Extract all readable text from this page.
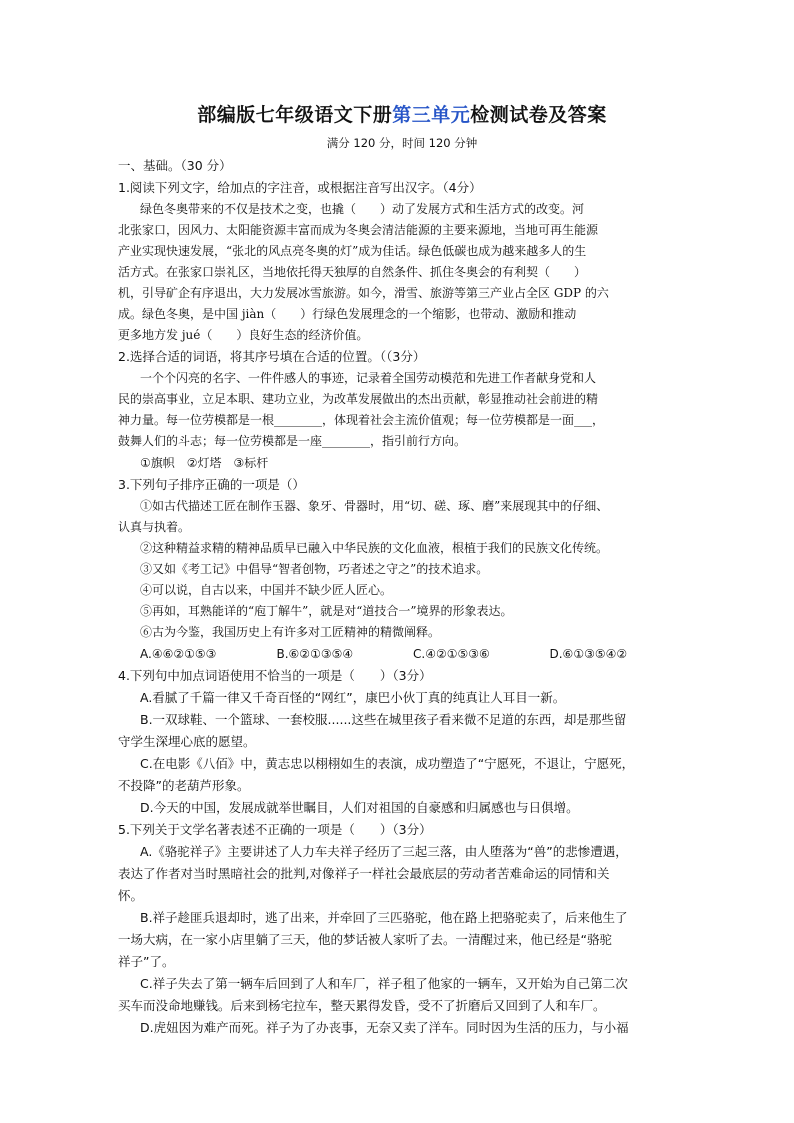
部编版七年级语文下册第三单元检测试卷及答案
满分 120 分，时间 120 分钟
一、基础。（30 分）
1.阅读下列文字，给加点的字注音，或根据注音写出汉字。（4分）
绿色冬奥带来的不仅是技术之变，也撬（　　）动了发展方式和生活方式的改变。河
北张家口，因风力、太阳能资源丰富而成为冬奥会清洁能源的主要来源地，当地可再生能源
产业实现快速发展，“张北的风点亮冬奥的灯”成为佳话。绿色低碳也成为越来越多人的生
活方式。在张家口崇礼区，当地依托得天独厚的自然条件、抓住冬奥会的有利契（　　）
机，引导矿企有序退出，大力发展冰雪旅游。如今，滑雪、旅游等第三产业占全区 GDP 的六
成。绿色冬奥，是中国 jiàn（　　）行绿色发展理念的一个缩影，也带动、激励和推动
更多地方发 jué（　　）良好生态的经济价值。
2.选择合适的词语，将其序号填在合适的位置。（（3分）
一个个闪亮的名字、一件件感人的事迹，记录着全国劳动模范和先进工作者献身党和人
民的崇高事业，立足本职、建功立业，为改革发展做出的杰出贡献，彰显推动社会前进的精
神力量。每一位劳模都是一根________，体现着社会主流价值观；每一位劳模都是一面___，
鼓舞人们的斗志；每一位劳模都是一座________，指引前行方向。
①旗帜　②灯塔　③标杆
3.下列句子排序正确的一项是（）
①如古代描述工匠在制作玉器、象牙、骨器时，用“切、磋、琢、磨”来展现其中的仔细、
认真与执着。
②这种精益求精的精神品质早已融入中华民族的文化血液，根植于我们的民族文化传统。
③又如《考工记》中倡导“智者创物，巧者述之守之”的技术追求。
④可以说，自古以来，中国并不缺少匠人匠心。
⑤再如，耳熟能详的“庖丁解牛”，就是对“道技合一”境界的形象表达。
⑥古为今鉴，我国历史上有许多对工匠精神的精微阐释。
A.④⑥②①⑤③	B.⑥②①③⑤④	C.④②①⑤③⑥	D.⑥①③⑤④②
4.下列句中加点词语使用不恰当的一项是（　　）（3分）
A.看腻了千篇一律又千奇百怪的“网红”，康巴小伙丁真的纯真让人耳目一新。
B.一双球鞋、一个篮球、一套校服......这些在城里孩子看来微不足道的东西，却是那些留
守学生深埋心底的愿望。
C.在电影《八佰》中，黄志忠以栩栩如生的表演，成功塑造了“宁愿死，不退让，宁愿死，
不投降”的老葫芦形象。
D.今天的中国，发展成就举世瞩目，人们对祖国的自豪感和归属感也与日俱增。
5.下列关于文学名著表述不正确的一项是（　　）（3分）
A.《骆驼祥子》主要讲述了人力车夫祥子经历了三起三落，由人堕落为“兽”的悲惨遭遇，
表达了作者对当时黑暗社会的批判,对像祥子一样社会最底层的劳动者苦难命运的同情和关
怀。
B.祥子趁匪兵退却时，逃了出来，并牵回了三匹骆驼，他在路上把骆驼卖了，后来他生了
一场大病，在一家小店里躺了三天，他的梦话被人家听了去。一清醒过来，他已经是“骆驼
祥子”了。
C.祥子失去了第一辆车后回到了人和车厂，祥子租了他家的一辆车，又开始为自己第二次
买车而没命地赚钱。后来到杨宅拉车，整天累得发昏，受不了折磨后又回到了人和车厂。
D.虎妞因为难产而死。祥子为了办丧事，无奈又卖了洋车。同时因为生活的压力，与小福
